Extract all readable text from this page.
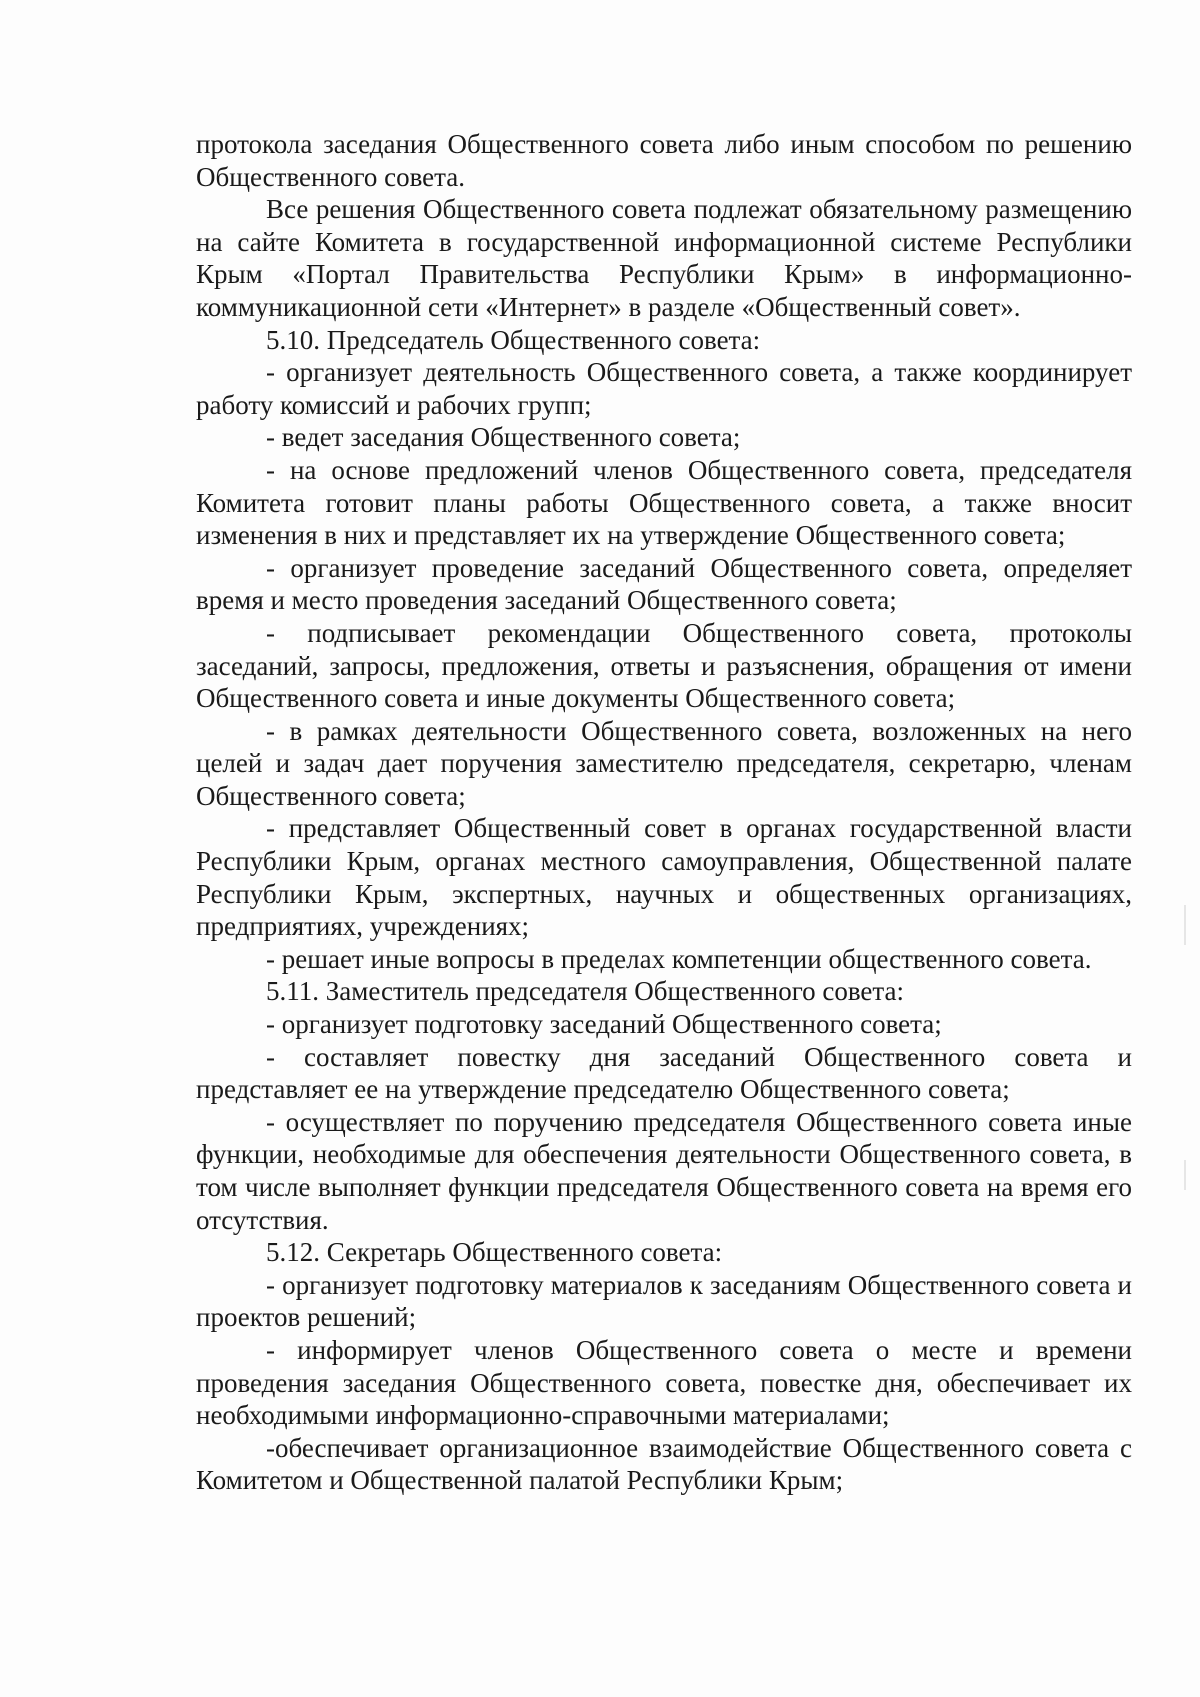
протокола заседания Общественного совета либо иным способом по решению Общественного совета.

Все решения Общественного совета подлежат обязательному размещению на сайте Комитета в государственной информационной системе Республики Крым «Портал Правительства Республики Крым» в информационно-коммуникационной сети «Интернет» в разделе «Общественный совет».

5.10. Председатель Общественного совета:

- организует деятельность Общественного совета, а также координирует работу комиссий и рабочих групп;

- ведет заседания Общественного совета;

- на основе предложений членов Общественного совета, председателя Комитета готовит планы работы Общественного совета, а также вносит изменения в них и представляет их на утверждение Общественного совета;

- организует проведение заседаний Общественного совета, определяет время и место проведения заседаний Общественного совета;

- подписывает рекомендации Общественного совета, протоколы заседаний, запросы, предложения, ответы и разъяснения, обращения от имени Общественного совета и иные документы Общественного совета;

- в рамках деятельности Общественного совета, возложенных на него целей и задач дает поручения заместителю председателя, секретарю, членам Общественного совета;

- представляет Общественный совет в органах государственной власти Республики Крым, органах местного самоуправления, Общественной палате Республики Крым, экспертных, научных и общественных организациях, предприятиях, учреждениях;

- решает иные вопросы в пределах компетенции общественного совета.

5.11. Заместитель председателя Общественного совета:

- организует подготовку заседаний Общественного совета;

- составляет повестку дня заседаний Общественного совета и представляет ее на утверждение председателю Общественного совета;

- осуществляет по поручению председателя Общественного совета иные функции, необходимые для обеспечения деятельности Общественного совета, в том числе выполняет функции председателя Общественного совета на время его отсутствия.

5.12. Секретарь Общественного совета:

- организует подготовку материалов к заседаниям Общественного совета и проектов решений;

- информирует членов Общественного совета о месте и времени проведения заседания Общественного совета, повестке дня, обеспечивает их необходимыми информационно-справочными материалами;

-обеспечивает организационное взаимодействие Общественного совета с Комитетом и Общественной палатой Республики Крым;
